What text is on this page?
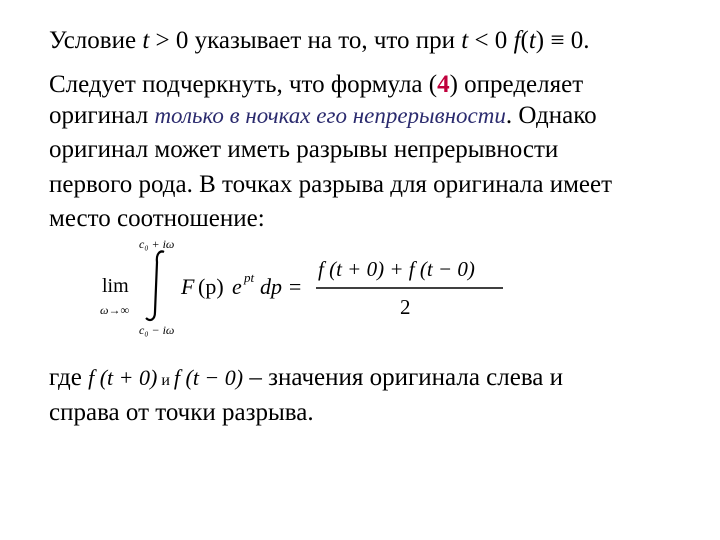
Условие t > 0 указывает на то, что при t < 0 f(t) ≡ 0.
Следует подчеркнуть, что формула (4) определяет
оригинал только в ночках его непрерывности. Однако
оригинал может иметь разрывы непрерывности
первого рода. В точках разрыва для оригинала имеет
место соотношение:
lim
ω→∞
c₀ + iω
c₀ − iω
F (p) e pt dp =
f (t + 0) + f (t − 0)
2
где f (t + 0) и f (t − 0) – значения оригинала слева и
справа от точки разрыва.
